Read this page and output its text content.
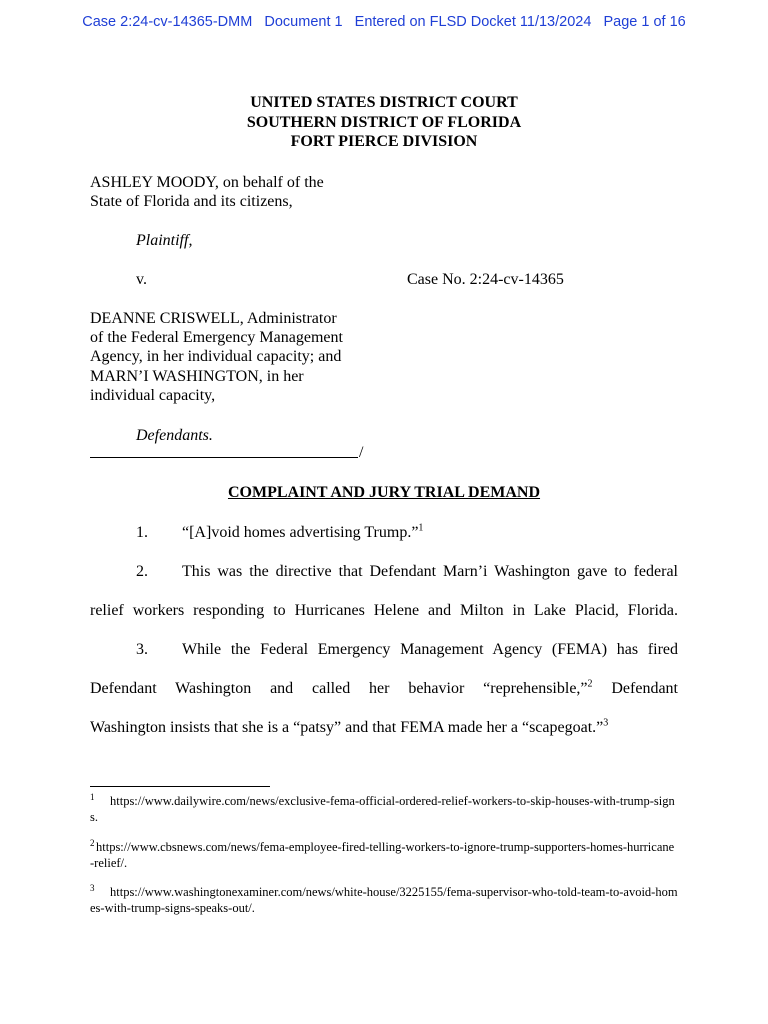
Case 2:24-cv-14365-DMM Document 1 Entered on FLSD Docket 11/13/2024 Page 1 of 16
UNITED STATES DISTRICT COURT
SOUTHERN DISTRICT OF FLORIDA
FORT PIERCE DIVISION
ASHLEY MOODY, on behalf of the
State of Florida and its citizens,
Plaintiff,
v.	Case No. 2:24-cv-14365
DEANNE CRISWELL, Administrator
of the Federal Emergency Management
Agency, in her individual capacity; and
MARN’I WASHINGTON, in her
individual capacity,
Defendants.
/
COMPLAINT AND JURY TRIAL DEMAND
1. “[A]void homes advertising Trump.”$^1$
2. This was the directive that Defendant Marn’i Washington gave to federal
relief workers responding to Hurricanes Helene and Milton in Lake Placid, Florida.
3. While the Federal Emergency Management Agency (FEMA) has fired
Defendant Washington and called her behavior “reprehensible,”$^2$ Defendant
Washington insists that she is a “patsy” and that FEMA made her a “scapegoat.”$^3$
1 https://www.dailywire.com/news/exclusive-fema-official-ordered-relief-workers-to-skip-houses-with-trump-signs.
2 https://www.cbsnews.com/news/fema-employee-fired-telling-workers-to-ignore-trump-supporters-homes-hurricane-relief/.
3 https://www.washingtonexaminer.com/news/white-house/3225155/fema-supervisor-who-told-team-to-avoid-homes-with-trump-signs-speaks-out/.
